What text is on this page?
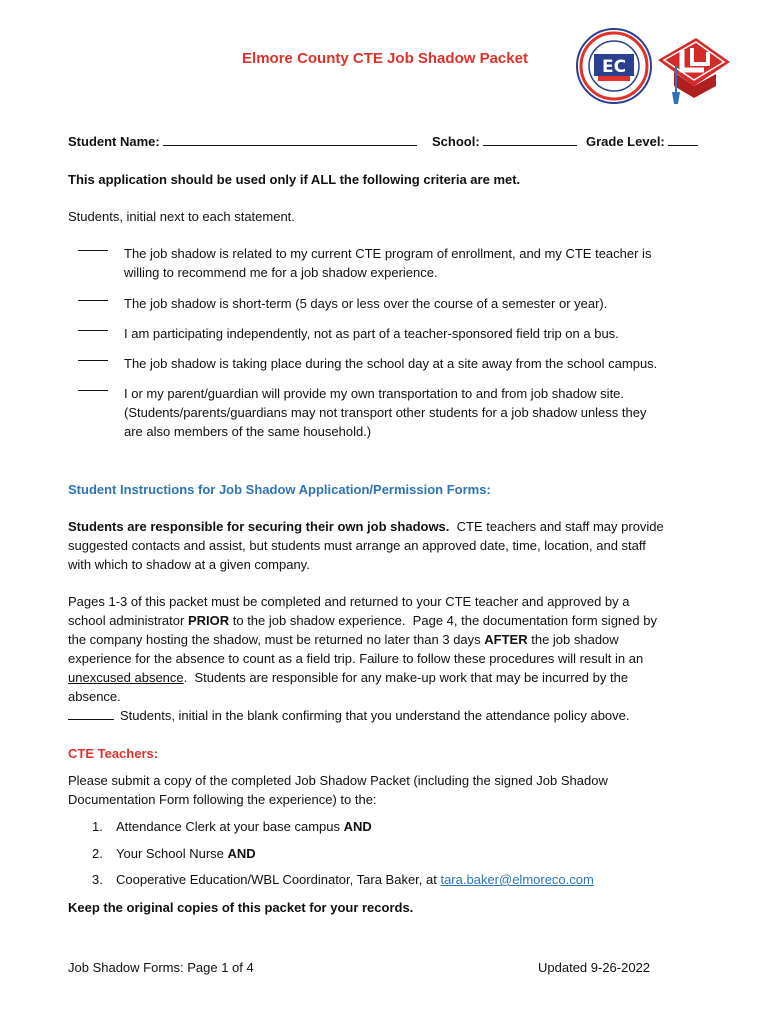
Elmore County CTE Job Shadow Packet	EC
Student Name:	School:	Grade Level:
This application should be used only if ALL the following criteria are met.
Students, initial next to each statement.
The job shadow is related to my current CTE program of enrollment, and my CTE teacher is
willing to recommend me for a job shadow experience.
The job shadow is short-term (5 days or less over the course of a semester or year).
I am participating independently, not as part of a teacher-sponsored field trip on a bus.
The job shadow is taking place during the school day at a site away from the school campus.
I or my parent/guardian will provide my own transportation to and from job shadow site.
(Students/parents/guardians may not transport other students for a job shadow unless they
are also members of the same household.)
Student Instructions for Job Shadow Application/Permission Forms:
Students are responsible for securing their own job shadows.  CTE teachers and staff may provide
suggested contacts and assist, but students must arrange an approved date, time, location, and staff
with which to shadow at a given company.
Pages 1-3 of this packet must be completed and returned to your CTE teacher and approved by a
school administrator PRIOR to the job shadow experience.  Page 4, the documentation form signed by
the company hosting the shadow, must be returned no later than 3 days AFTER the job shadow
experience for the absence to count as a field trip. Failure to follow these procedures will result in an
unexcused absence.  Students are responsible for any make-up work that may be incurred by the
absence.
Students, initial in the blank confirming that you understand the attendance policy above.
CTE Teachers:
Please submit a copy of the completed Job Shadow Packet (including the signed Job Shadow
Documentation Form following the experience) to the:
1. Attendance Clerk at your base campus AND
2. Your School Nurse AND
3. Cooperative Education/WBL Coordinator, Tara Baker, at tara.baker@elmoreco.com
Keep the original copies of this packet for your records.
Job Shadow Forms: Page 1 of 4	Updated 9-26-2022
